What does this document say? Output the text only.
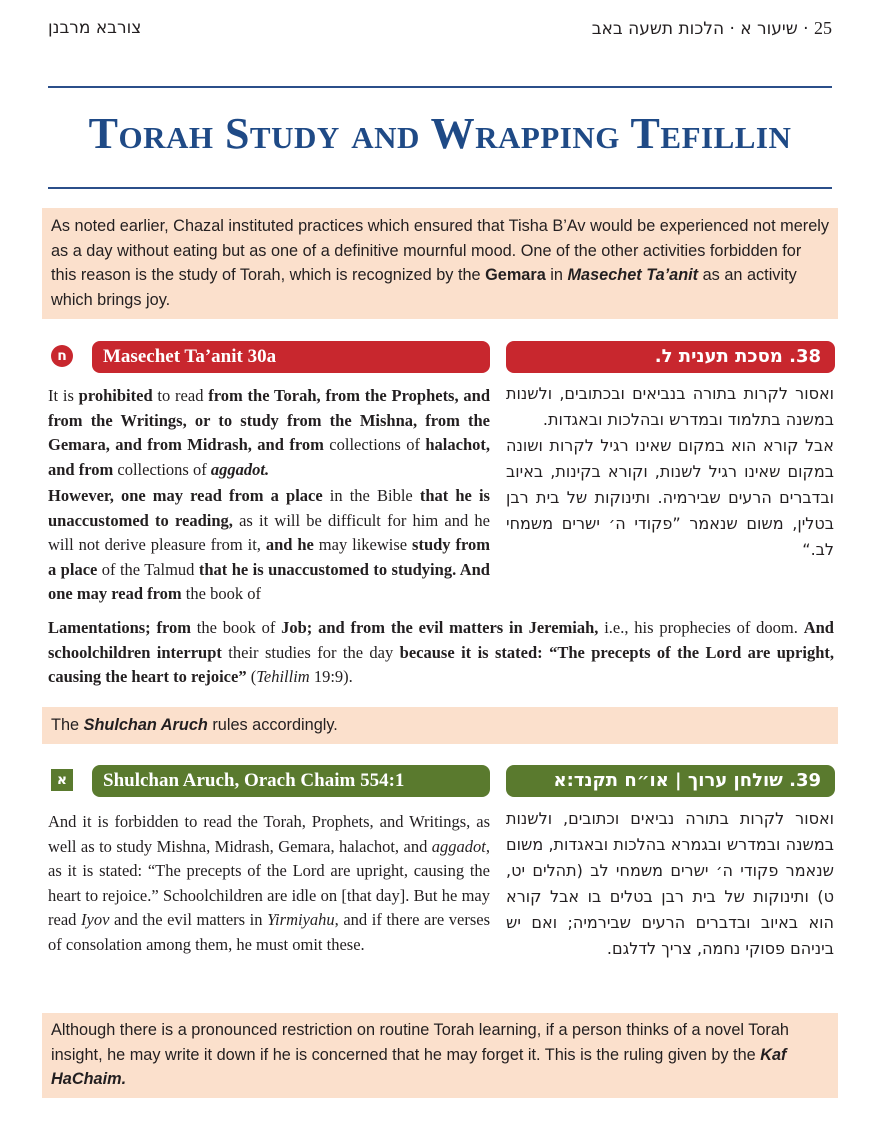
צורבא מרבנן	25 · שיעור א · הלכות תשעה באב
Torah Study and Wrapping Tefillin
As noted earlier, Chazal instituted practices which ensured that Tisha B’Av would be experienced not merely as a day without eating but as one of a definitive mournful mood. One of the other activities forbidden for this reason is the study of Torah, which is recognized by the Gemara in Masechet Ta’anit as an activity which brings joy.
ח	Masechet Ta’anit 30a	38. מסכת תענית ל.

ואסור לקרות בתורה בנביאים ובכתובים, ולשנות במשנה בתלמוד ובמדרש ובהלכות ובאגדות.

אבל קורא הוא במקום שאינו רגיל לקרות ושונה במקום שאינו רגיל לשנות, וקורא בקינות, באיוב ובדברים הרעים שבירמיה. ותינוקות של בית רבן בטלין, משום שנאמר ”פקודי ה׳ ישרים משמחי לב.“

It is prohibited to read from the Torah, from the Prophets, and from the Writings, or to study from the Mishna, from the Gemara, and from Midrash, and from collections of halachot, and from collections of aggadot.

However, one may read from a place in the Bible that he is unaccustomed to reading, as it will be difficult for him and he will not derive pleasure from it, and he may likewise study from a place of the Talmud that he is unaccustomed to studying. And one may read from the book of

Lamentations; from the book of Job; and from the evil matters in Jeremiah, i.e., his prophecies of doom. And schoolchildren interrupt their studies for the day because it is stated: “The precepts of the Lord are upright, causing the heart to rejoice” (Tehillim 19:9).
The Shulchan Aruch rules accordingly.
א	Shulchan Aruch, Orach Chaim 554:1	39. שולחן ערוך | או״ח תקנד:א

ואסור לקרות בתורה נביאים וכתובים, ולשנות במשנה ובמדרש ובגמרא בהלכות ובאגדות, משום שנאמר פקודי ה׳ ישרים משמחי לב (תהלים יט, ט) ותינוקות של בית רבן בטלים בו אבל קורא הוא באיוב ובדברים הרעים שבירמיה; ואם יש ביניהם פסוקי נחמה, צריך לדלגם.

And it is forbidden to read the Torah, Prophets, and Writings, as well as to study Mishna, Midrash, Gemara, halachot, and aggadot, as it is stated: “The precepts of the Lord are upright, causing the heart to rejoice.” Schoolchildren are idle on [that day]. But he may read Iyov and the evil matters in Yirmiyahu, and if there are verses of consolation among them, he must omit these.

Although there is a pronounced restriction on routine Torah learning, if a person thinks of a novel Torah insight, he may write it down if he is concerned that he may forget it. This is the ruling given by the Kaf HaChaim.
